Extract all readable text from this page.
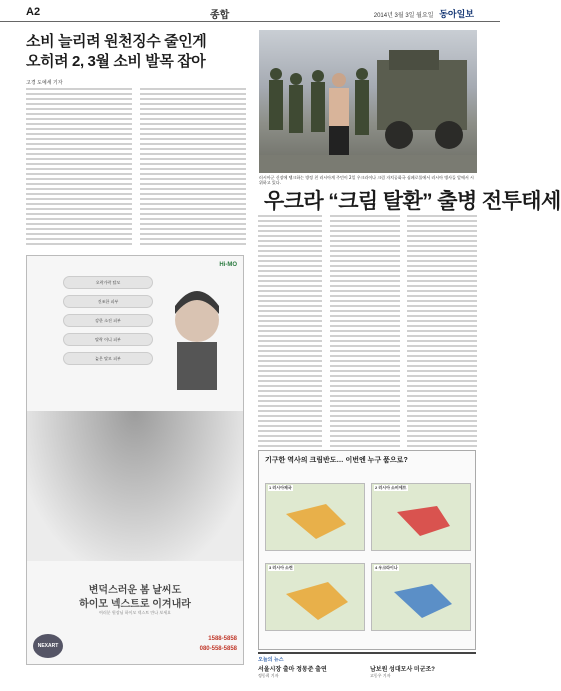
A2	종합	2014년 3월 3일 월요일 동아일보
소비 늘리려 원천징수 줄인게
오히려 2, 3월 소비 발목 잡아
고경 도예세 기자
러시아군 신장에 탱크하는 방정 친 러시아계 주민이 2일 우크라이나 크림 자치공화국 심페로폴에서 러시아 병사들 앞에서 시위하고 있다.
우크라 “크림 탈환” 출병 전투태세
Hi-MO
오락가락 탈모
건조한 피부
강한 소진 피부
탈락 이니 피부
늦은 탈모 피부
변덕스러운 봄 날씨도
하이모 넥스트로 이겨내라
여러분 원장님 하이모 넥스트 만나 보세요
NEXART
1588-5858
080-558-5858
기구한 역사의 크림반도… 이번엔 누구 품으로?
1 러시아제국	2 러시아 소비에트
3 러시아 소련	4 우크라이나
오늘의 뉴스
서울시장 출마 정몽준 출연	남보원 성대모사 미군조?
정동희 기자	고동우 기자
